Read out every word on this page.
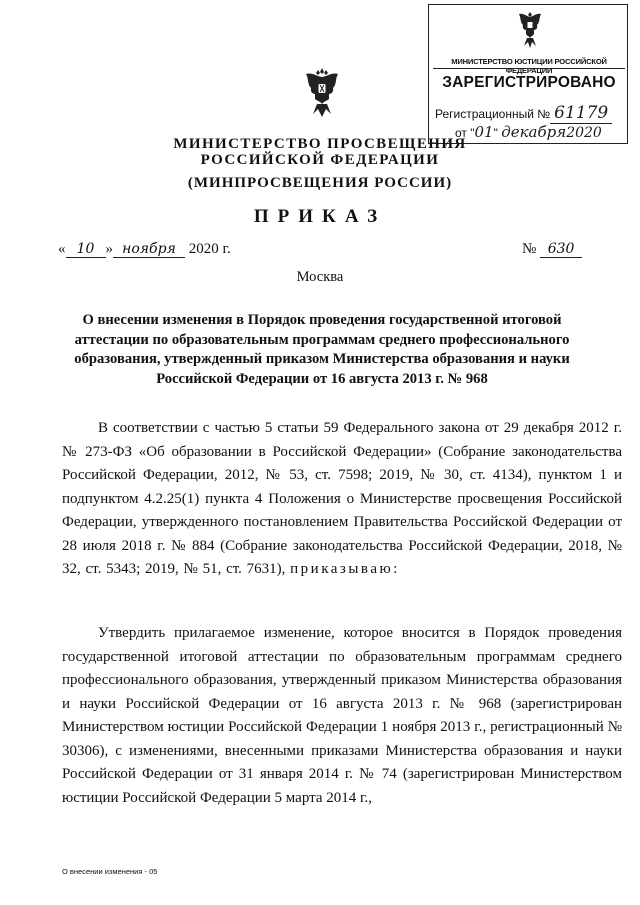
МИНИСТЕРСТВО ЮСТИЦИИ РОССИЙСКОЙ ФЕДЕРАЦИИ
ЗАРЕГИСТРИРОВАНО
Регистрационный № 61179
от "01" декабря2020
МИНИСТЕРСТВО ПРОСВЕЩЕНИЯ
РОССИЙСКОЙ ФЕДЕРАЦИИ
(МИНПРОСВЕЩЕНИЯ РОССИИ)
ПРИКАЗ
« 10 » ноября 2020 г.	№ 630
Москва
О внесении изменения в Порядок проведения государственной итоговой аттестации по образовательным программам среднего профессионального образования, утвержденный приказом Министерства образования и науки Российской Федерации от 16 августа 2013 г. № 968
В соответствии с частью 5 статьи 59 Федерального закона от 29 декабря 2012 г. № 273-ФЗ «Об образовании в Российской Федерации» (Собрание законодательства Российской Федерации, 2012, № 53, ст. 7598; 2019, № 30, ст. 4134), пунктом 1 и подпунктом 4.2.25(1) пункта 4 Положения о Министерстве просвещения Российской Федерации, утвержденного постановлением Правительства Российской Федерации от 28 июля 2018 г. № 884 (Собрание законодательства Российской Федерации, 2018, № 32, ст. 5343; 2019, № 51, ст. 7631), приказываю:
Утвердить прилагаемое изменение, которое вносится в Порядок проведения государственной итоговой аттестации по образовательным программам среднего профессионального образования, утвержденный приказом Министерства образования и науки Российской Федерации от 16 августа 2013 г. № 968 (зарегистрирован Министерством юстиции Российской Федерации 1 ноября 2013 г., регистрационный № 30306), с изменениями, внесенными приказами Министерства образования и науки Российской Федерации от 31 января 2014 г. № 74 (зарегистрирован Министерством юстиции Российской Федерации 5 марта 2014 г.,
О внесении изменения - 05
